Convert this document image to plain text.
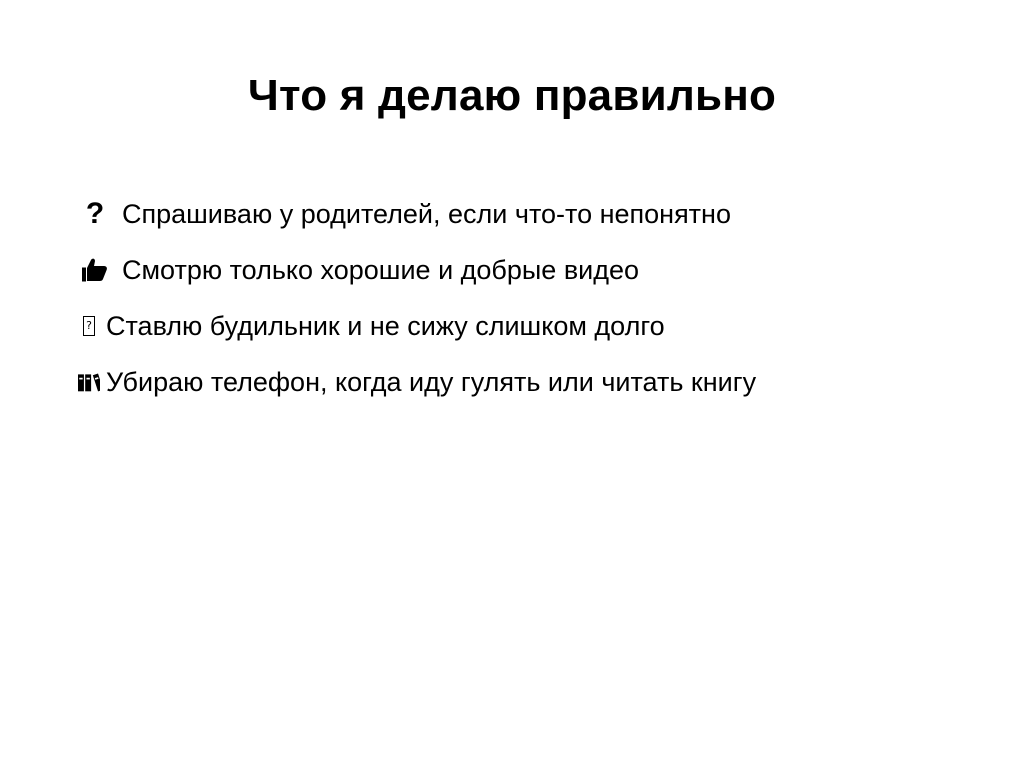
Что я делаю правильно
? Спрашиваю у родителей, если что-то непонятно
Смотрю только хорошие и добрые видео
?
Ставлю будильник и не сижу слишком долго
Убираю телефон, когда иду гулять или читать книгу
